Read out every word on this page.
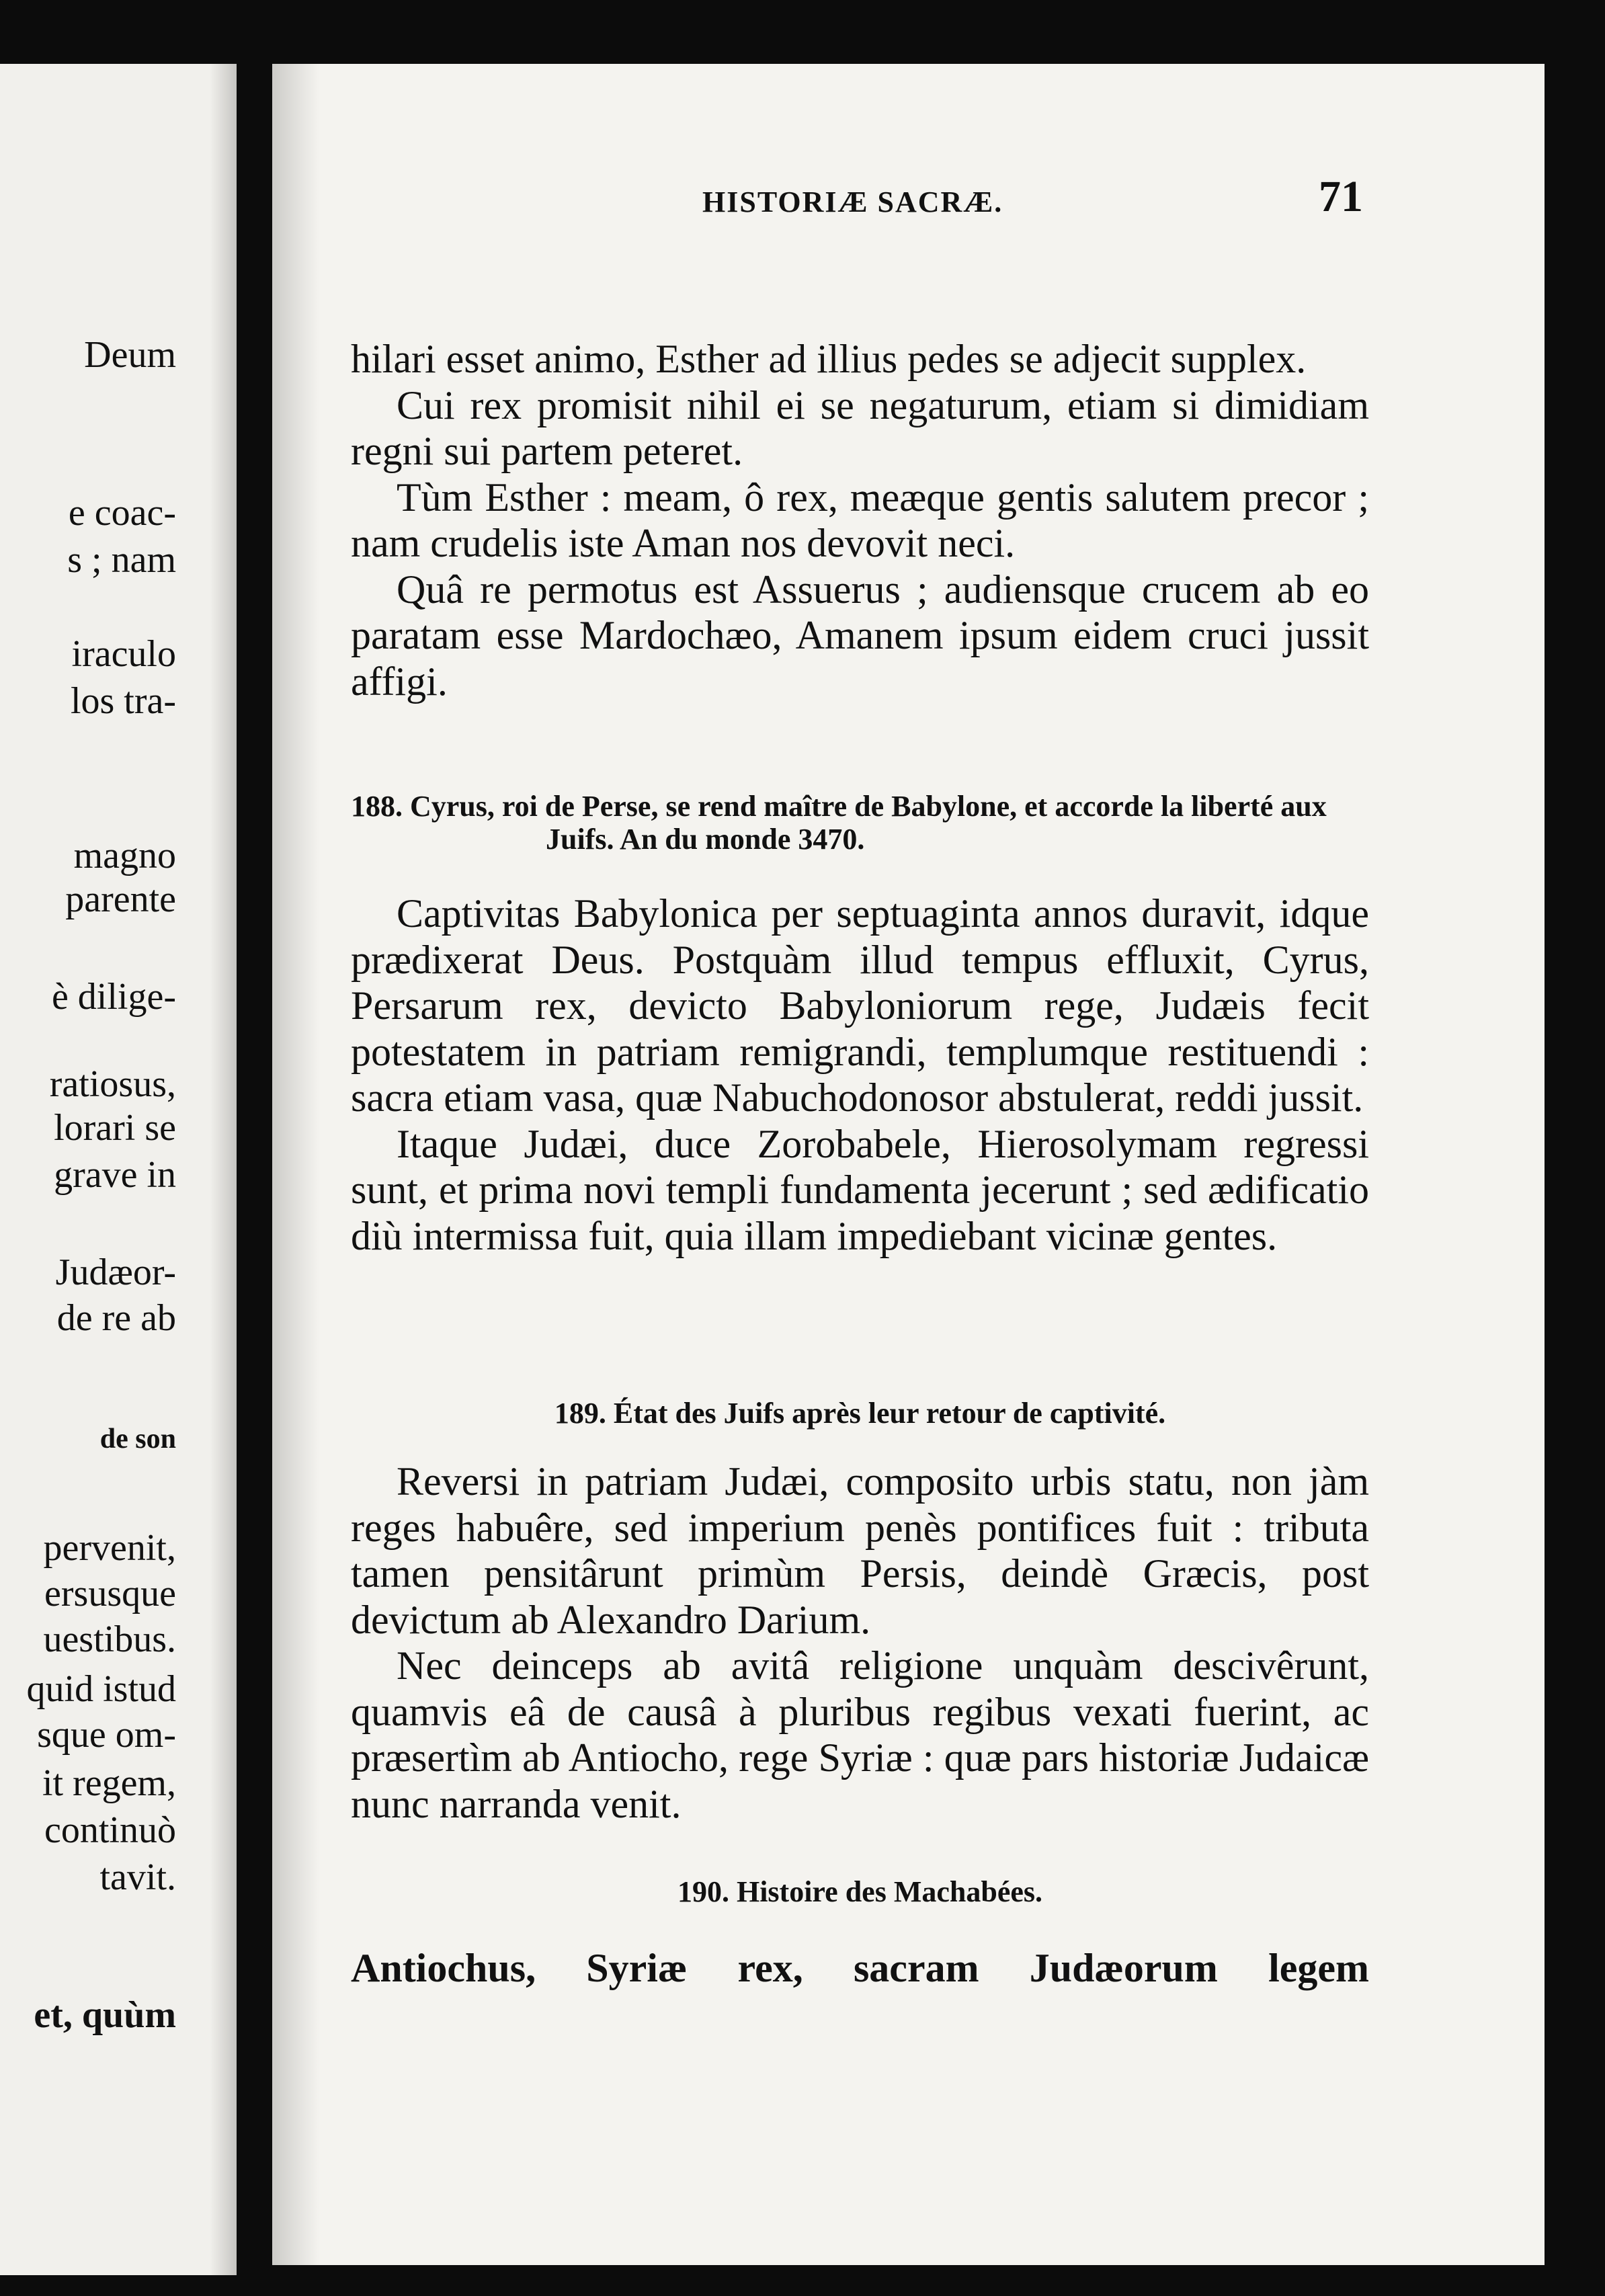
Deum
e coac-
s ; nam
iraculo
los tra-
magno
parente
è dilige-
ratiosus,
lorari se
grave in
Judæor-
de re ab
de son
pervenit,
ersusque
uestibus.
quid istud
sque om-
it regem,
continuò
tavit.
et, quùm
HISTORIÆ SACRÆ.	71

hilari esset animo, Esther ad illius pedes se adjecit supplex.

Cui rex promisit nihil ei se negaturum, etiam si dimidiam regni sui partem peteret.

Tùm Esther : meam, ô rex, meæque gentis salutem precor ; nam crudelis iste Aman nos devovit neci.

Quâ re permotus est Assuerus ; audiensque crucem ab eo paratam esse Mardochæo, Amanem ipsum eidem cruci jussit affigi.

188. Cyrus, roi de Perse, se rend maître de Babylone, et accorde la liberté aux Juifs. An du monde 3470.

Captivitas Babylonica per septuaginta annos duravit, idque prædixerat Deus. Postquàm illud tempus effluxit, Cyrus, Persarum rex, devicto Babyloniorum rege, Judæis fecit potestatem in patriam remigrandi, templumque restituendi : sacra etiam vasa, quæ Nabuchodonosor abstulerat, reddi jussit.

Itaque Judæi, duce Zorobabele, Hierosolymam regressi sunt, et prima novi templi fundamenta jecerunt ; sed ædificatio diù intermissa fuit, quia illam impediebant vicinæ gentes.

189. État des Juifs après leur retour de captivité.

Reversi in patriam Judæi, composito urbis statu, non jàm reges habuêre, sed imperium penès pontifices fuit : tributa tamen pensitârunt primùm Persis, deindè Græcis, post devictum ab Alexandro Darium.

Nec deinceps ab avitâ religione unquàm descivêrunt, quamvis eâ de causâ à pluribus regibus vexati fuerint, ac præsertìm ab Antiocho, rege Syriæ : quæ pars historiæ Judaicæ nunc narranda venit.

190. Histoire des Machabées.
Antiochus, Syriæ rex, sacram Judæorum legem
